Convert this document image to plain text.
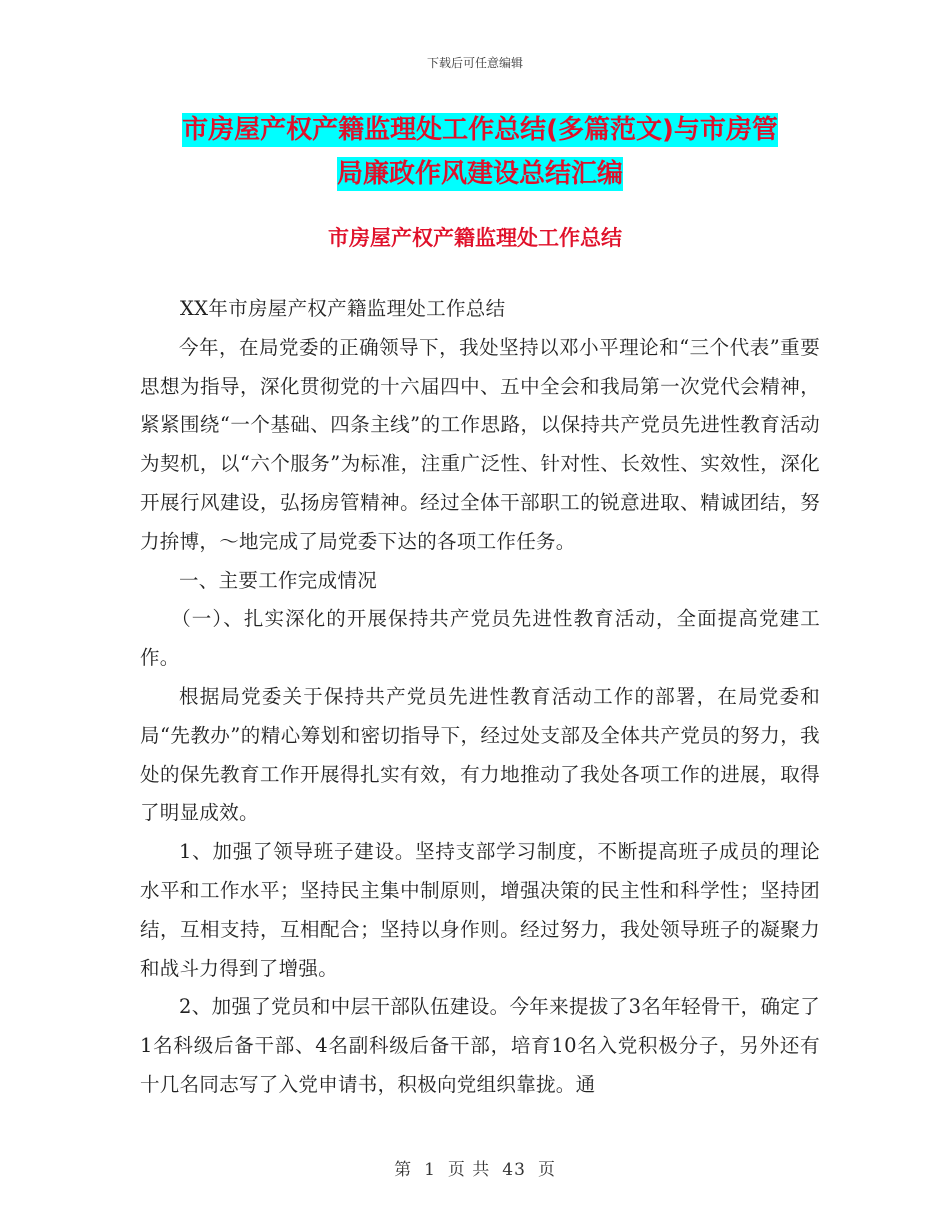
下载后可任意编辑
市房屋产权产籍监理处工作总结(多篇范文)与市房管
局廉政作风建设总结汇编
市房屋产权产籍监理处工作总结

XX年市房屋产权产籍监理处工作总结

今年，在局党委的正确领导下，我处坚持以邓小平理论和“三个代表”重要思想为指导，深化贯彻党的十六届四中、五中全会和我局第一次党代会精神，紧紧围绕“一个基础、四条主线”的工作思路，以保持共产党员先进性教育活动为契机，以“六个服务”为标准，注重广泛性、针对性、长效性、实效性，深化开展行风建设，弘扬房管精神。经过全体干部职工的锐意进取、精诚团结，努力拚博，～地完成了局党委下达的各项工作任务。

一、主要工作完成情况

（一）、扎实深化的开展保持共产党员先进性教育活动，全面提高党建工作。

根据局党委关于保持共产党员先进性教育活动工作的部署，在局党委和局“先教办”的精心筹划和密切指导下，经过处支部及全体共产党员的努力，我处的保先教育工作开展得扎实有效，有力地推动了我处各项工作的进展，取得了明显成效。

1、加强了领导班子建设。坚持支部学习制度，不断提高班子成员的理论水平和工作水平；坚持民主集中制原则，增强决策的民主性和科学性；坚持团结，互相支持，互相配合；坚持以身作则。经过努力，我处领导班子的凝聚力和战斗力得到了增强。

2、加强了党员和中层干部队伍建设。今年来提拔了3名年轻骨干，确定了1名科级后备干部、4名副科级后备干部，培育10名入党积极分子，另外还有十几名同志写了入党申请书，积极向党组织靠拢。通

第 1 页 共 43 页
